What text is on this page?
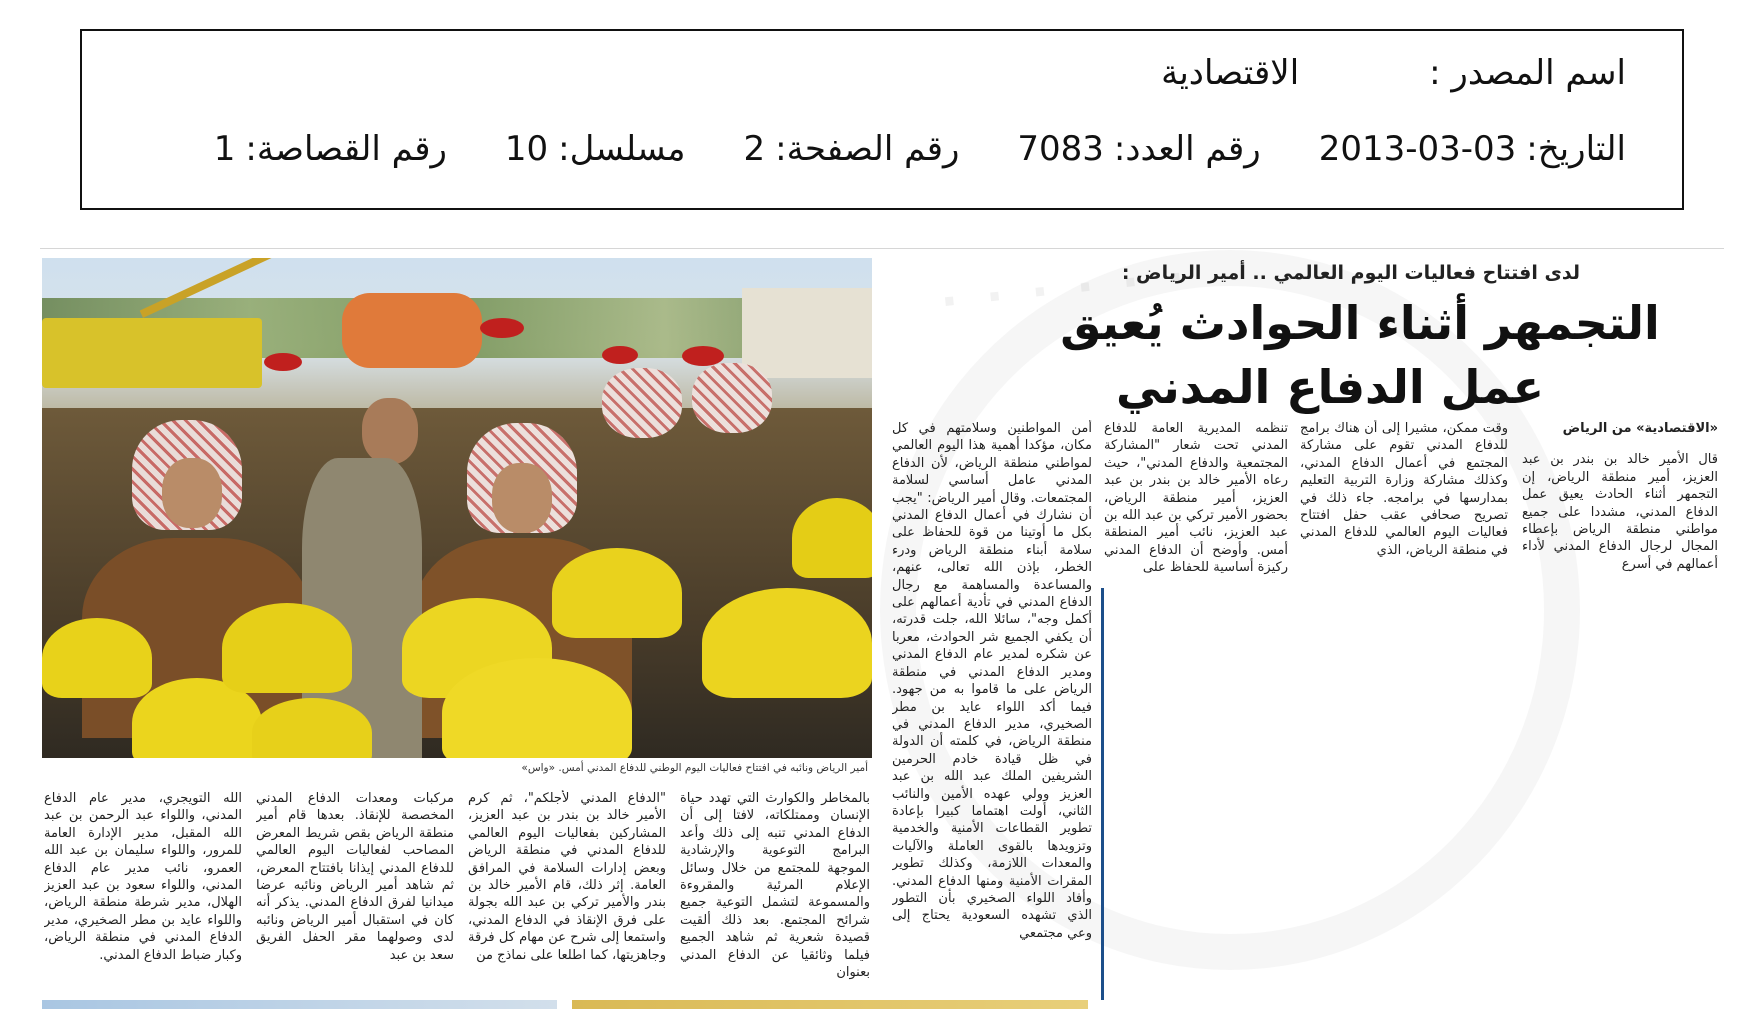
اسم المصدر :
الاقتصادية
التاريخ:
2013-03-03
رقم العدد:
7083
رقم الصفحة:
2
مسلسل:
10
رقم القصاصة:
1
· · · · · ·
لدى افتتاح فعاليات اليوم العالمي .. أمير الرياض :
التجمهر أثناء الحوادث يُعيق
عمل الدفاع المدني
أمير الرياض ونائبه في افتتاح فعاليات اليوم الوطني للدفاع المدني أمس. «واس»
«الاقتصادية» من الرياض

قال الأمير خالد بن بندر بن عبد العزيز، أمير منطقة الرياض، إن التجمهر أثناء الحادث يعيق عمل الدفاع المدني، مشددا على جميع مواطني منطقة الرياض بإعطاء المجال لرجال الدفاع المدني لأداء أعمالهم في أسرع

وقت ممكن، مشيرا إلى أن هناك برامج للدفاع المدني تقوم على مشاركة المجتمع في أعمال الدفاع المدني، وكذلك مشاركة وزارة التربية التعليم بمدارسها في برامجه. جاء ذلك في تصريح صحافي عقب حفل افتتاح فعاليات اليوم العالمي للدفاع المدني في منطقة الرياض، الذي

تنظمه المديرية العامة للدفاع المدني تحت شعار "المشاركة المجتمعية والدفاع المدني"، حيث رعاه الأمير خالد بن بندر بن عبد العزيز، أمير منطقة الرياض، بحضور الأمير تركي بن عبد الله بن عبد العزيز، نائب أمير المنطقة أمس. وأوضح أن الدفاع المدني ركيزة أساسية للحفاظ على

أمن المواطنين وسلامتهم في كل مكان، مؤكدا أهمية هذا اليوم العالمي لمواطني منطقة الرياض، لأن الدفاع المدني عامل أساسي لسلامة المجتمعات. وقال أمير الرياض: "يجب أن نشارك في أعمال الدفاع المدني بكل ما أوتينا من قوة للحفاظ على سلامة أبناء منطقة الرياض ودرء الخطر، بإذن الله تعالى، عنهم، والمساعدة والمساهمة مع رجال الدفاع المدني في تأدية أعمالهم على أكمل وجه"، سائلا الله، جلت قدرته، أن يكفي الجميع شر الحوادث، معربا عن شكره لمدير عام الدفاع المدني ومدير الدفاع المدني في منطقة الرياض على ما قاموا به من جهود. فيما أكد اللواء عايد بن مطر الصخيري، مدير الدفاع المدني في منطقة الرياض، في كلمته أن الدولة في ظل قيادة خادم الحرمين الشريفين الملك عبد الله بن عبد العزيز وولي عهده الأمين والنائب الثاني، أولت اهتماما كبيرا بإعادة تطوير القطاعات الأمنية والخدمية وتزويدها بالقوى العاملة والآليات والمعدات اللازمة، وكذلك تطوير المقرات الأمنية ومنها الدفاع المدني. وأفاد اللواء الصخيري بأن التطور الذي تشهده السعودية يحتاج إلى وعي مجتمعي

بالمخاطر والكوارث التي تهدد حياة الإنسان وممتلكاته، لافتا إلى أن الدفاع المدني تنبه إلى ذلك وأعد البرامج التوعوية والإرشادية الموجهة للمجتمع من خلال وسائل الإعلام المرئية والمقروءة والمسموعة لتشمل التوعية جميع شرائح المجتمع. بعد ذلك ألقيت قصيدة شعرية ثم شاهد الجميع فيلما وثائقيا عن الدفاع المدني بعنوان

"الدفاع المدني لأجلكم"، ثم كرم الأمير خالد بن بندر بن عبد العزيز، المشاركين بفعاليات اليوم العالمي للدفاع المدني في منطقة الرياض وبعض إدارات السلامة في المرافق العامة. إثر ذلك، قام الأمير خالد بن بندر والأمير تركي بن عبد الله بجولة على فرق الإنقاذ في الدفاع المدني، واستمعا إلى شرح عن مهام كل فرقة وجاهزيتها، كما اطلعا على نماذج من

مركبات ومعدات الدفاع المدني المخصصة للإنقاذ. بعدها قام أمير منطقة الرياض بقص شريط المعرض المصاحب لفعاليات اليوم العالمي للدفاع المدني إيذانا بافتتاح المعرض، ثم شاهد أمير الرياض ونائبه عرضا ميدانيا لفرق الدفاع المدني. يذكر أنه كان في استقبال أمير الرياض ونائبه لدى وصولهما مقر الحفل الفريق سعد بن عبد

الله التويجري، مدير عام الدفاع المدني، واللواء عبد الرحمن بن عبد الله المقبل، مدير الإدارة العامة للمرور، واللواء سليمان بن عبد الله العمرو، نائب مدير عام الدفاع المدني، واللواء سعود بن عبد العزيز الهلال، مدير شرطة منطقة الرياض، واللواء عايد بن مطر الصخيري، مدير الدفاع المدني في منطقة الرياض، وكبار ضباط الدفاع المدني.
